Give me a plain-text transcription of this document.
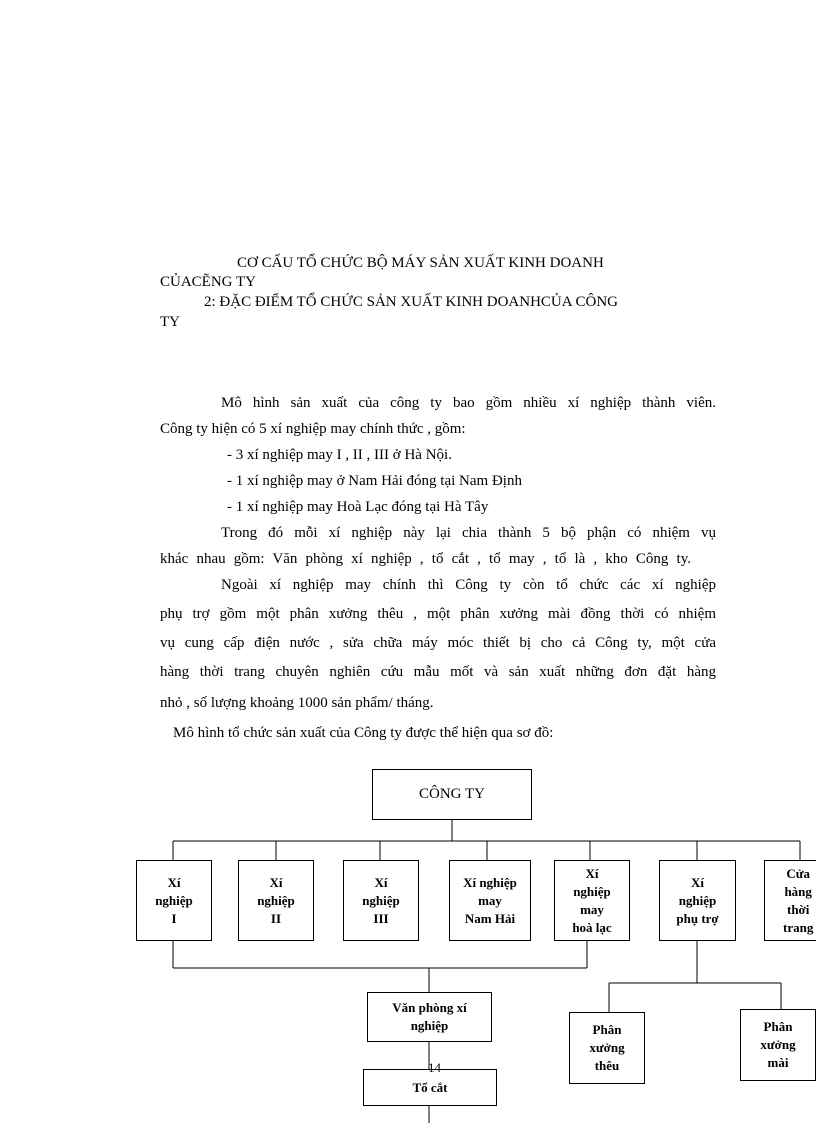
CƠ CẤU TỔ CHỨC BỘ MÁY SẢN XUẤT KINH DOANH
CỦACẼNG TY
2: ĐẶC ĐIỂM TỔ CHỨC SẢN XUẤT KINH DOANHCỦA CÔNG
TY
Mô hình sản xuất của công ty bao gồm nhiều xí nghiệp thành viên.
Công ty hiện có 5 xí nghiệp may chính thức , gồm:
- 3 xí nghiệp may I , II , III ở Hà Nội.
- 1 xí nghiệp may ở Nam Hải đóng tại Nam Định
- 1 xí nghiệp may Hoà Lạc đóng tại Hà Tây
Trong đó mỗi xí nghiệp này lại chia thành 5 bộ phận có nhiệm vụ
khác nhau gồm: Văn phòng xí nghiệp , tổ cắt , tổ may , tổ là , kho Công ty.
Ngoài xí nghiệp may chính thì Công ty còn tổ chức các xí nghiệp
phụ trợ gồm một phân xưởng thêu , một phân xưởng mài đồng thời có nhiệm
vụ cung cấp điện nước , sửa chữa máy móc thiết bị cho cả Công ty, một cửa
hàng thời trang chuyên nghiên cứu mẫu mốt và sản xuất những đơn đặt hàng
nhỏ , số lượng khoảng 1000 sản phẩm/ tháng.
Mô hình tổ chức sản xuất của Công ty được thể hiện qua sơ đồ:
CÔNG TY
Xí
nghiệp
I
Xí
nghiệp
II
Xí
nghiệp
III
Xí nghiệp
may
Nam Hải
Xí
nghiệp
may
hoà lạc
Xí
nghiệp
phụ trợ
Cửa
hàng
thời
trang
Văn phòng xí
nghiệp
Tổ cắt
Phân
xưởng
thêu
Phân
xưởng
mài
14
